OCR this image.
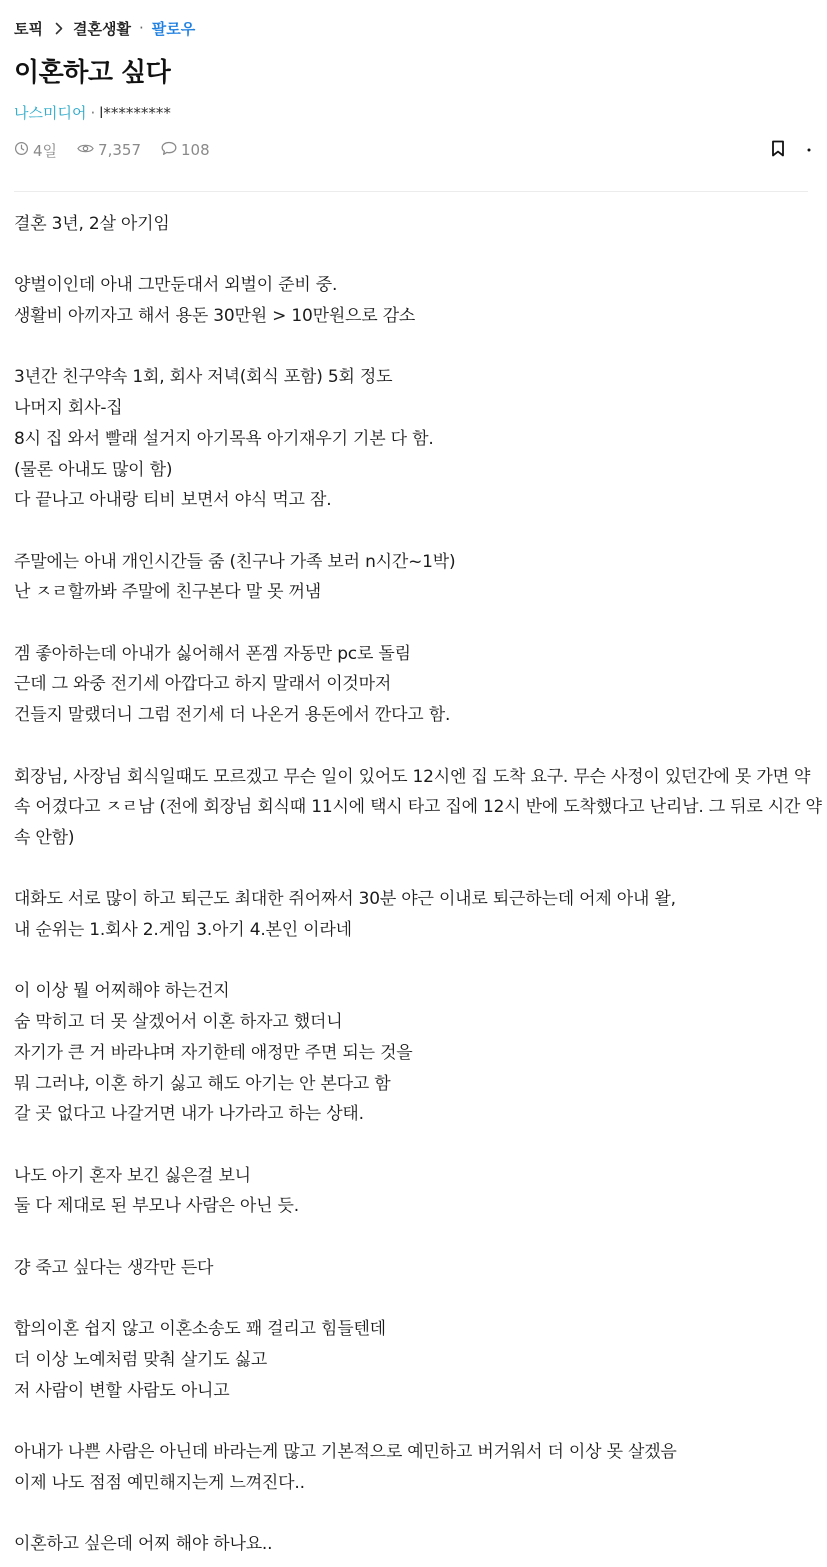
토픽 결혼생활 · 팔로우
이혼하고 싶다
나스미디어 · l*********
4일	7,357	108

결혼 3년, 2살 아기임

양벌이인데 아내 그만둔대서 외벌이 준비 중.

생활비 아끼자고 해서 용돈 30만원 > 10만원으로 감소

3년간 친구약속 1회, 회사 저녁(회식 포함) 5회 정도

나머지 회사-집

8시 집 와서 빨래 설거지 아기목욕 아기재우기 기본 다 함.

(물론 아내도 많이 함)

다 끝나고 아내랑 티비 보면서 야식 먹고 잠.

주말에는 아내 개인시간들 줌 (친구나 가족 보러 n시간~1박)

난 ㅈㄹ할까봐 주말에 친구본다 말 못 꺼냄

겜 좋아하는데 아내가 싫어해서 폰겜 자동만 pc로 돌림

근데 그 와중 전기세 아깝다고 하지 말래서 이것마저

건들지 말랬더니 그럼 전기세 더 나온거 용돈에서 깐다고 함.

회장님, 사장님 회식일때도 모르겠고 무슨 일이 있어도 12시엔 집 도착 요구. 무슨 사정이 있던간에 못 가면 약속 어겼다고 ㅈㄹ남 (전에 회장님 회식때 11시에 택시 타고 집에 12시 반에 도착했다고 난리남. 그 뒤로 시간 약속 안함)

대화도 서로 많이 하고 퇴근도 최대한 쥐어짜서 30분 야근 이내로 퇴근하는데 어제 아내 왈,

내 순위는 1.회사 2.게임 3.아기 4.본인 이라네

이 이상 뭘 어찌해야 하는건지

숨 막히고 더 못 살겠어서 이혼 하자고 했더니

자기가 큰 거 바라냐며 자기한테 애정만 주면 되는 것을

뭐 그러냐, 이혼 하기 싫고 해도 아기는 안 본다고 함

갈 곳 없다고 나갈거면 내가 나가라고 하는 상태.

나도 아기 혼자 보긴 싫은걸 보니

둘 다 제대로 된 부모나 사람은 아닌 듯.

걍 죽고 싶다는 생각만 든다

합의이혼 쉽지 않고 이혼소송도 꽤 걸리고 힘들텐데

더 이상 노예처럼 맞춰 살기도 싫고

저 사람이 변할 사람도 아니고

아내가 나쁜 사람은 아닌데 바라는게 많고 기본적으로 예민하고 버거워서 더 이상 못 살겠음

이제 나도 점점 예민해지는게 느껴진다..

이혼하고 싶은데 어찌 해야 하나요..
